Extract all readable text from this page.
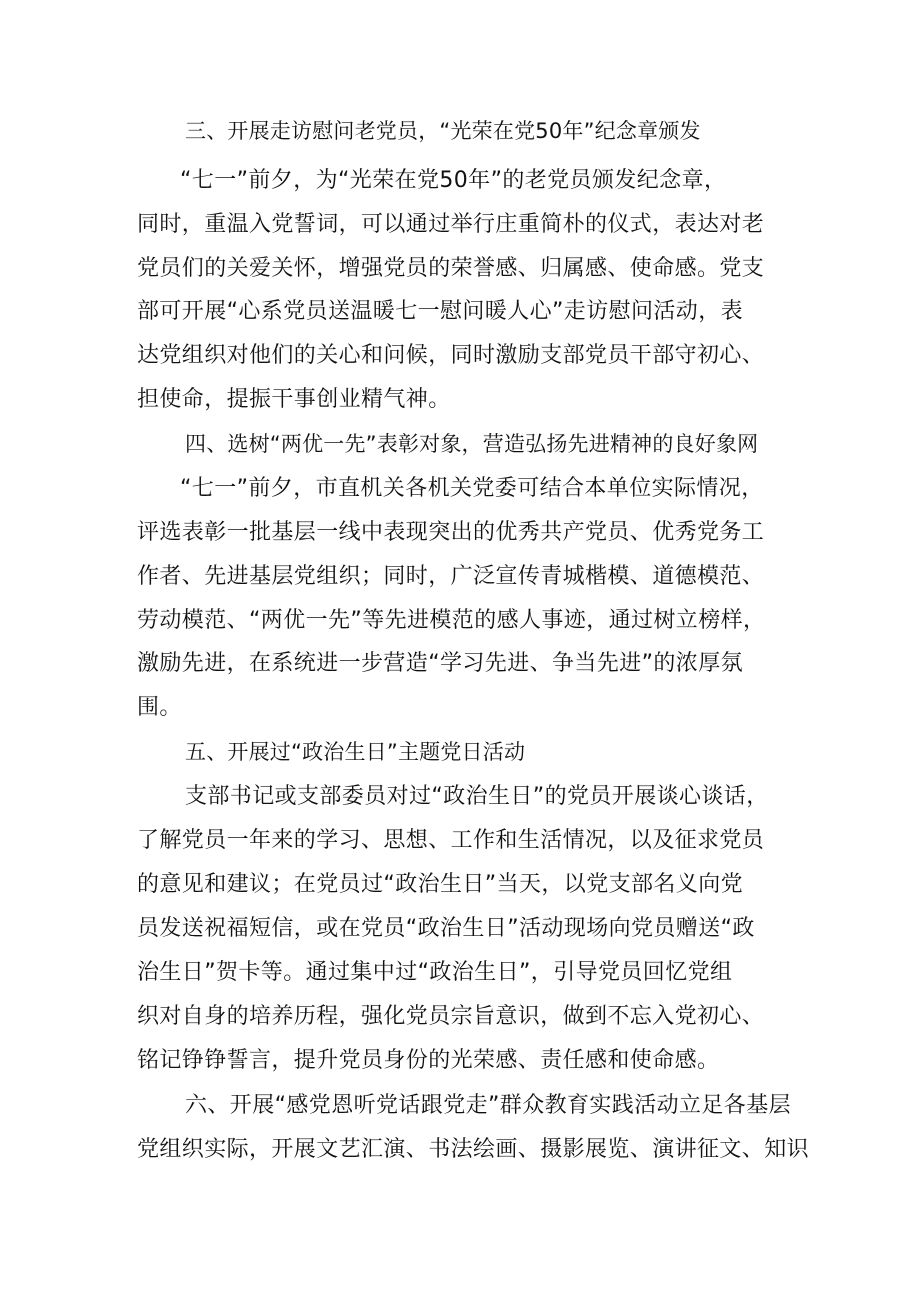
三、开展走访慰问老党员，“光荣在党50年”纪念章颁发
“七一”前夕，为“光荣在党50年”的老党员颁发纪念章，
同时，重温入党誓词，可以通过举行庄重简朴的仪式，表达对老
党员们的关爱关怀，增强党员的荣誉感、归属感、使命感。党支
部可开展“心系党员送温暖七一慰问暖人心”走访慰问活动，表
达党组织对他们的关心和问候，同时激励支部党员干部守初心、
担使命，提振干事创业精气神。
四、选树“两优一先”表彰对象，营造弘扬先进精神的良好象网
“七一”前夕，市直机关各机关党委可结合本单位实际情况，
评选表彰一批基层一线中表现突出的优秀共产党员、优秀党务工
作者、先进基层党组织；同时，广泛宣传青城楷模、道德模范、
劳动模范、“两优一先”等先进模范的感人事迹，通过树立榜样，
激励先进，在系统进一步营造“学习先进、争当先进”的浓厚氛
围。
五、开展过“政治生日”主题党日活动
支部书记或支部委员对过“政治生日”的党员开展谈心谈话，
了解党员一年来的学习、思想、工作和生活情况，以及征求党员
的意见和建议；在党员过“政治生日”当天，以党支部名义向党
员发送祝福短信，或在党员“政治生日”活动现场向党员赠送“政
治生日”贺卡等。通过集中过“政治生日”，引导党员回忆党组
织对自身的培养历程，强化党员宗旨意识，做到不忘入党初心、
铭记铮铮誓言，提升党员身份的光荣感、责任感和使命感。
六、开展“感党恩听党话跟党走”群众教育实践活动立足各基层
党组织实际，开展文艺汇演、书法绘画、摄影展览、演讲征文、知识
